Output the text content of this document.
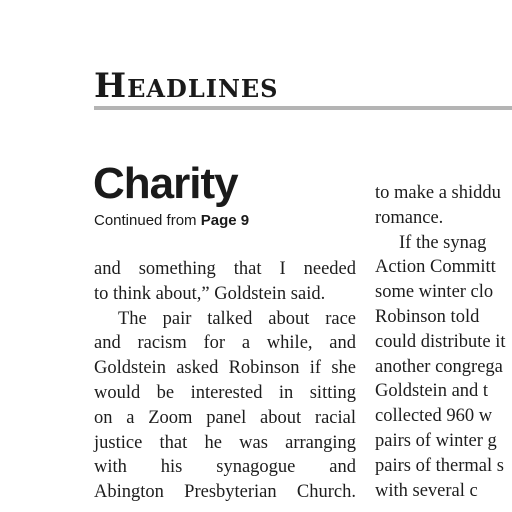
Headlines
Charity
Continued from Page 9
and something that I needed
to think about,” Goldstein said.
The pair talked about race
and racism for a while, and
Goldstein asked Robinson if she
would be interested in sitting
on a Zoom panel about racial
justice that he was arranging
with his synagogue and
Abington Presbyterian Church.
to make a shiddu
romance.
If the synag
Action Committ
some winter clo
Robinson told
could distribute it
another congrega
Goldstein and t
collected 960 w
pairs of winter g
pairs of thermal s
with several c
